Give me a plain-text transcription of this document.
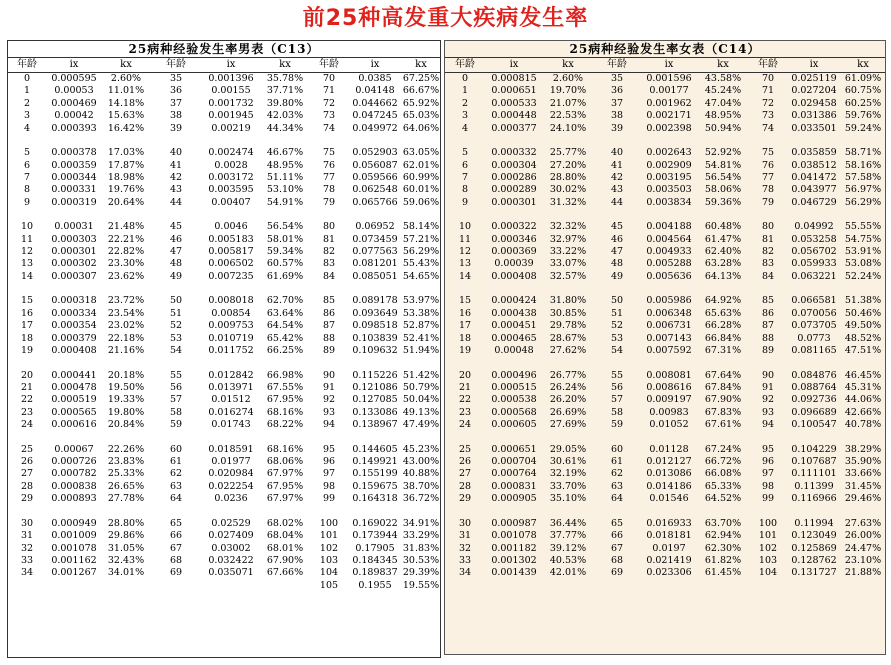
前25种高发重大疾病发生率
25病种经验发生率男表（C13）
年龄	ix	kx	年龄	ix	kx	年龄	ix	kx
0	0.000595	2.60%	35	0.001396	35.78%	70	0.0385	67.25%
1	0.00053	11.01%	36	0.00155	37.71%	71	0.04148 66.67%
2	0.000469	14.18%	37	0.001732	39.80%	72	0.044662 65.92%
3	0.00042	15.63%	38	0.001945	42.03%	73	0.047245 65.03%
4	0.000393	16.42%	39	0.00219	44.34%	74	0.049972 64.06%
5	0.000378	17.03%	40	0.002474	46.67%	75	0.052903 63.05%
6	0.000359	17.87%	41	0.0028	48.95%	76	0.056087 62.01%
7	0.000344	18.98%	42	0.003172	51.11%	77	0.059566 60.99%
8	0.000331	19.76%	43	0.003595	53.10%	78	0.062548 60.01%
9	0.000319	20.64%	44	0.00407	54.91%	79	0.065766 59.06%
10	0.00031	21.48%	45	0.0046	56.54%	80	0.06952 58.14%
11	0.000303	22.21%	46	0.005183	58.01%	81	0.073459 57.21%
12	0.000301	22.82%	47	0.005817	59.34%	82	0.077563 56.29%
13	0.000302	23.30%	48	0.006502	60.57%	83	0.081201 55.43%
14	0.000307	23.62%	49	0.007235	61.69%	84	0.085051 54.65%
15	0.000318	23.72%	50	0.008018	62.70%	85	0.089178 53.97%
16	0.000334	23.54%	51	0.00854	63.64%	86	0.093649 53.38%
17	0.000354	23.02%	52	0.009753	64.54%	87	0.098518 52.87%
18	0.000379	22.18%	53	0.010719	65.42%	88	0.103839 52.41%
19	0.000408	21.16%	54	0.011752	66.25%	89	0.109632 51.94%
20	0.000441	20.18%	55	0.012842	66.98%	90	0.115226 51.42%
21	0.000478	19.50%	56	0.013971	67.55%	91	0.121086 50.79%
22	0.000519	19.33%	57	0.01512	67.95%	92	0.127085 50.04%
23	0.000565	19.80%	58	0.016274	68.16%	93	0.133086 49.13%
24	0.000616	20.84%	59	0.01743	68.22%	94	0.138967 47.49%
25	0.00067	22.26%	60	0.018591	68.16%	95	0.144605 45.23%
26	0.000726	23.83%	61	0.01977	68.06%	96	0.149921 43.00%
27	0.000782	25.33%	62	0.020984	67.97%	97	0.155199 40.88%
28	0.000838	26.65%	63	0.022254	67.95%	98	0.159675 38.70%
29	0.000893	27.78%	64	0.0236	67.97%	99	0.164318 36.72%
30	0.000949	28.80%	65	0.02529	68.02%	100	0.169022 34.91%
31	0.001009	29.86%	66	0.027409	68.04%	101	0.173944 33.29%
32	0.001078	31.05%	67	0.03002	68.01%	102	0.17905 31.83%
33	0.001162	32.43%	68	0.032422	67.90%	103	0.184345 30.53%
34	0.001267	34.01%	69	0.035071	67.66%	104	0.189837 29.39%
105	0.1955	19.55%
25病种经验发生率女表（C14）
年龄	ix	kx	年龄	ix	kx	年龄	ix	kx
0	0.000815	2.60%	35	0.001596	43.58%	70	0.025119 61.09%
1	0.000651	19.70%	36	0.00177	45.24%	71	0.027204 60.75%
2	0.000533	21.07%	37	0.001962	47.04%	72	0.029458 60.25%
3	0.000448	22.53%	38	0.002171	48.95%	73	0.031386 59.76%
4	0.000377	24.10%	39	0.002398	50.94%	74	0.033501 59.24%
5	0.000332	25.77%	40	0.002643	52.92%	75	0.035859 58.71%
6	0.000304	27.20%	41	0.002909	54.81%	76	0.038512 58.16%
7	0.000286	28.80%	42	0.003195	56.54%	77	0.041472 57.58%
8	0.000289	30.02%	43	0.003503	58.06%	78	0.043977 56.97%
9	0.000301	31.32%	44	0.003834	59.36%	79	0.046729 56.29%
10	0.000322	32.32%	45	0.004188	60.48%	80	0.04992	55.55%
11	0.000346	32.97%	46	0.004564	61.47%	81	0.053258 54.75%
12	0.000369	33.22%	47	0.004933	62.40%	82	0.056702 53.91%
13	0.00039	33.07%	48	0.005288	63.28%	83	0.059933 53.08%
14	0.000408	32.57%	49	0.005636	64.13%	84	0.063221 52.24%
15	0.000424	31.80%	50	0.005986	64.92%	85	0.066581 51.38%
16	0.000438	30.85%	51	0.006348	65.63%	86	0.070056 50.46%
17	0.000451	29.78%	52	0.006731	66.28%	87	0.073705 49.50%
18	0.000465	28.67%	53	0.007143	66.84%	88	0.0773	48.52%
19	0.00048	27.62%	54	0.007592	67.31%	89	0.081165 47.51%
20	0.000496	26.77%	55	0.008081	67.64%	90	0.084876 46.45%
21	0.000515	26.24%	56	0.008616	67.84%	91	0.088764 45.31%
22	0.000538	26.20%	57	0.009197	67.90%	92	0.092736 44.06%
23	0.000568	26.69%	58	0.00983	67.83%	93	0.096689 42.66%
24	0.000605	27.69%	59	0.01052	67.61%	94	0.100547 40.78%
25	0.000651	29.05%	60	0.01128	67.24%	95	0.104229 38.29%
26	0.000704	30.61%	61	0.012127	66.72%	96	0.107687 35.90%
27	0.000764	32.19%	62	0.013086	66.08%	97	0.111101 33.66%
28	0.000831	33.70%	63	0.014186	65.33%	98	0.11399	31.45%
29	0.000905	35.10%	64	0.01546	64.52%	99	0.116966 29.46%
30	0.000987	36.44%	65	0.016933	63.70%	100	0.11994	27.63%
31	0.001078	37.77%	66	0.018181	62.94%	101	0.123049 26.00%
32	0.001182	39.12%	67	0.0197	62.30%	102	0.125869 24.47%
33	0.001302	40.53%	68	0.021419	61.82%	103	0.128762 23.10%
34	0.001439	42.01%	69	0.023306	61.45%	104	0.131727 21.88%
